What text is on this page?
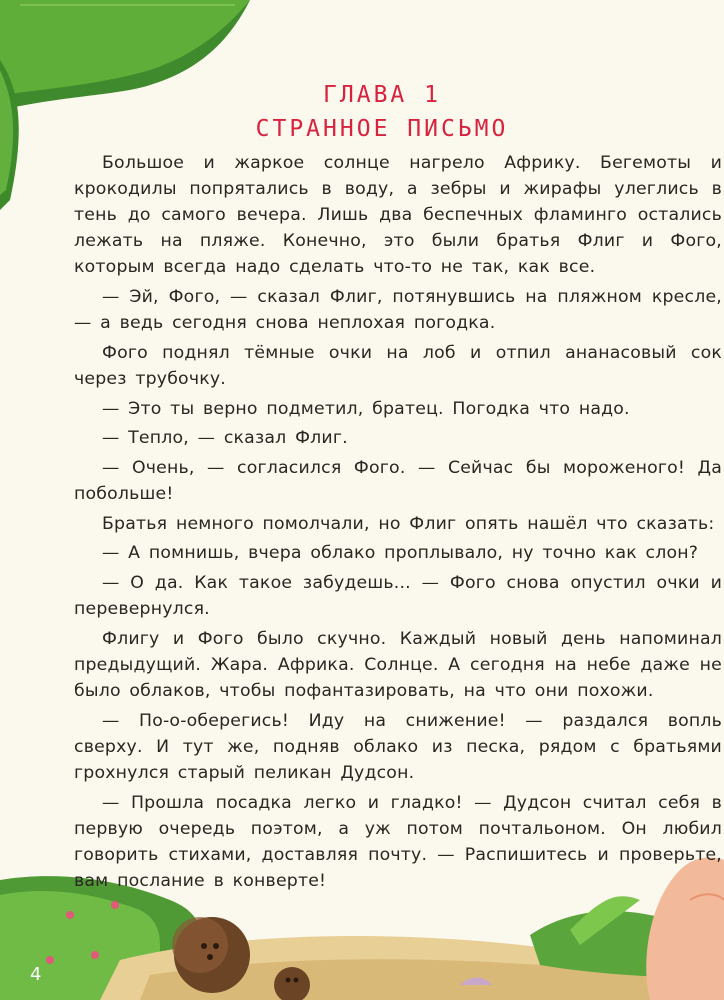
ГЛАВА 1
СТРАННОЕ ПИСЬМО

Большое и жаркое солнце нагрело Африку. Бегемоты и крокодилы попрятались в воду, а зебры и жирафы улеглись в тень до самого вечера. Лишь два беспечных фламинго остались лежать на пляже. Конечно, это были братья Флиг и Фого, которым всегда надо сделать что-то не так, как все.

— Эй, Фого, — сказал Флиг, потянувшись на пляжном кресле, — а ведь сегодня снова неплохая погодка.

Фого поднял тёмные очки на лоб и отпил ананасовый сок через трубочку.

— Это ты верно подметил, братец. Погодка что надо.

— Тепло, — сказал Флиг.

— Очень, — согласился Фого. — Сейчас бы мороженого! Да побольше!

Братья немного помолчали, но Флиг опять нашёл что сказать:

— А помнишь, вчера облако проплывало, ну точно как слон?

— О да. Как такое забудешь... — Фого снова опустил очки и перевернулся.

Флигу и Фого было скучно. Каждый новый день напоминал предыдущий. Жара. Африка. Солнце. А сегодня на небе даже не было облаков, чтобы пофантазировать, на что они похожи.

— По-о-оберегись! Иду на снижение! — раздался вопль сверху. И тут же, подняв облако из песка, рядом с братьями грохнулся старый пеликан Дудсон.

— Прошла посадка легко и гладко! — Дудсон считал себя в первую очередь поэтом, а уж потом почтальоном. Он любил говорить стихами, доставляя почту. — Распишитесь и проверьте, вам послание в конверте!

4
